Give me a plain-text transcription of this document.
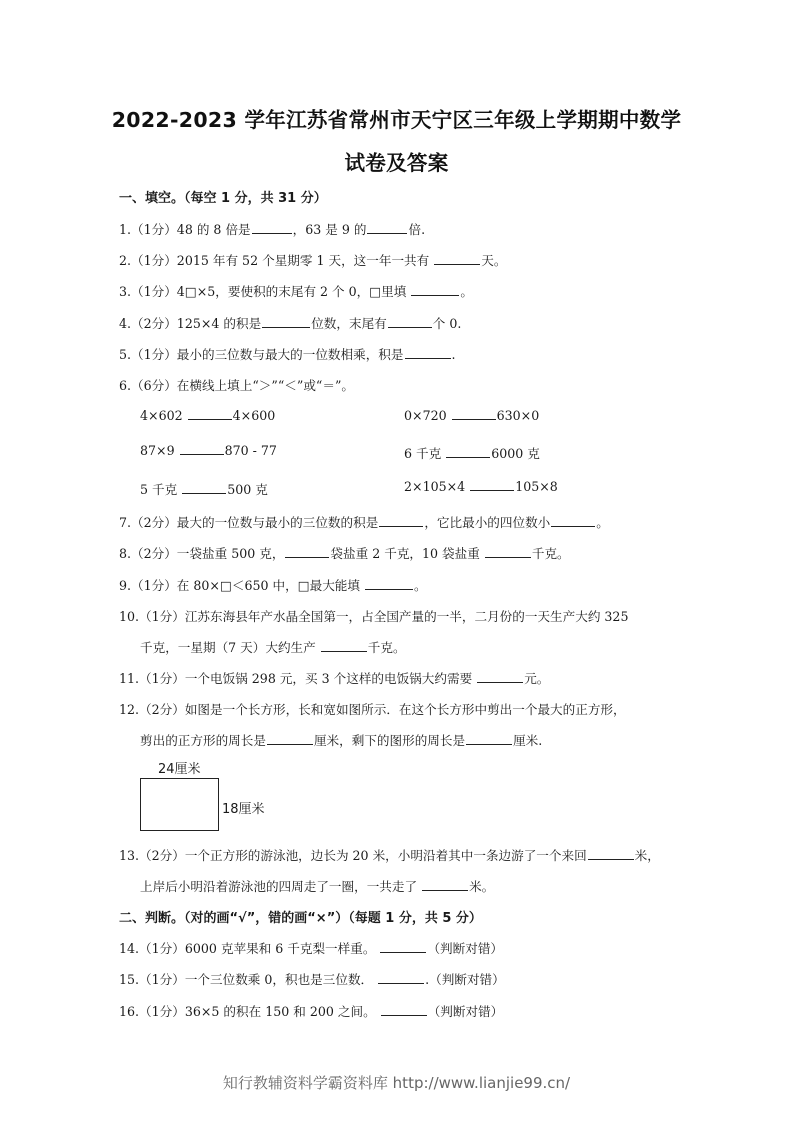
2022-2023 学年江苏省常州市天宁区三年级上学期期中数学
试卷及答案
一、填空。（每空 1 分，共 31 分）
1.（1分）48 的 8 倍是	，63 是 9 的	倍.
2.（1分）2015 年有 52 个星期零 1 天，这一年一共有	天。
3.（1分）4□×5，要使积的末尾有 2 个 0，□里填	。
4.（2分）125×4 的积是	位数，末尾有	个 0.
5.（1分）最小的三位数与最大的一位数相乘，积是	.
6.（6分）在横线上填上“＞”“＜”或“＝”。
4×602	4×600	0×720	630×0
87×9	870 - 77	6 千克	6000 克
5 千克	500 克	2×105×4	105×8
7.（2分）最大的一位数与最小的三位数的积是	，它比最小的四位数小	。
8.（2分）一袋盐重 500 克，	袋盐重 2 千克，10 袋盐重	千克。
9.（1分）在 80×□＜650 中，□最大能填	。
10.（1分）江苏东海县年产水晶全国第一，占全国产量的一半，二月份的一天生产大约 325
千克，一星期（7 天）大约生产	千克。
11.（1分）一个电饭锅 298 元，买 3 个这样的电饭锅大约需要	元。
12.（2分）如图是一个长方形，长和宽如图所示．在这个长方形中剪出一个最大的正方形，
剪出的正方形的周长是	厘米，剩下的图形的周长是	厘米.
24厘米
18厘米
13.（2分）一个正方形的游泳池，边长为 20 米，小明沿着其中一条边游了一个来回	米，
上岸后小明沿着游泳池的四周走了一圈，一共走了	米。
二、判断。（对的画“√”，错的画“×”）（每题 1 分，共 5 分）
14.（1分）6000 克苹果和 6 千克梨一样重。	（判断对错）
15.（1分）一个三位数乘 0，积也是三位数．	.（判断对错）
16.（1分）36×5 的积在 150 和 200 之间。	（判断对错）
知行教辅资料学霸资料库 http://www.lianjie99.cn/
